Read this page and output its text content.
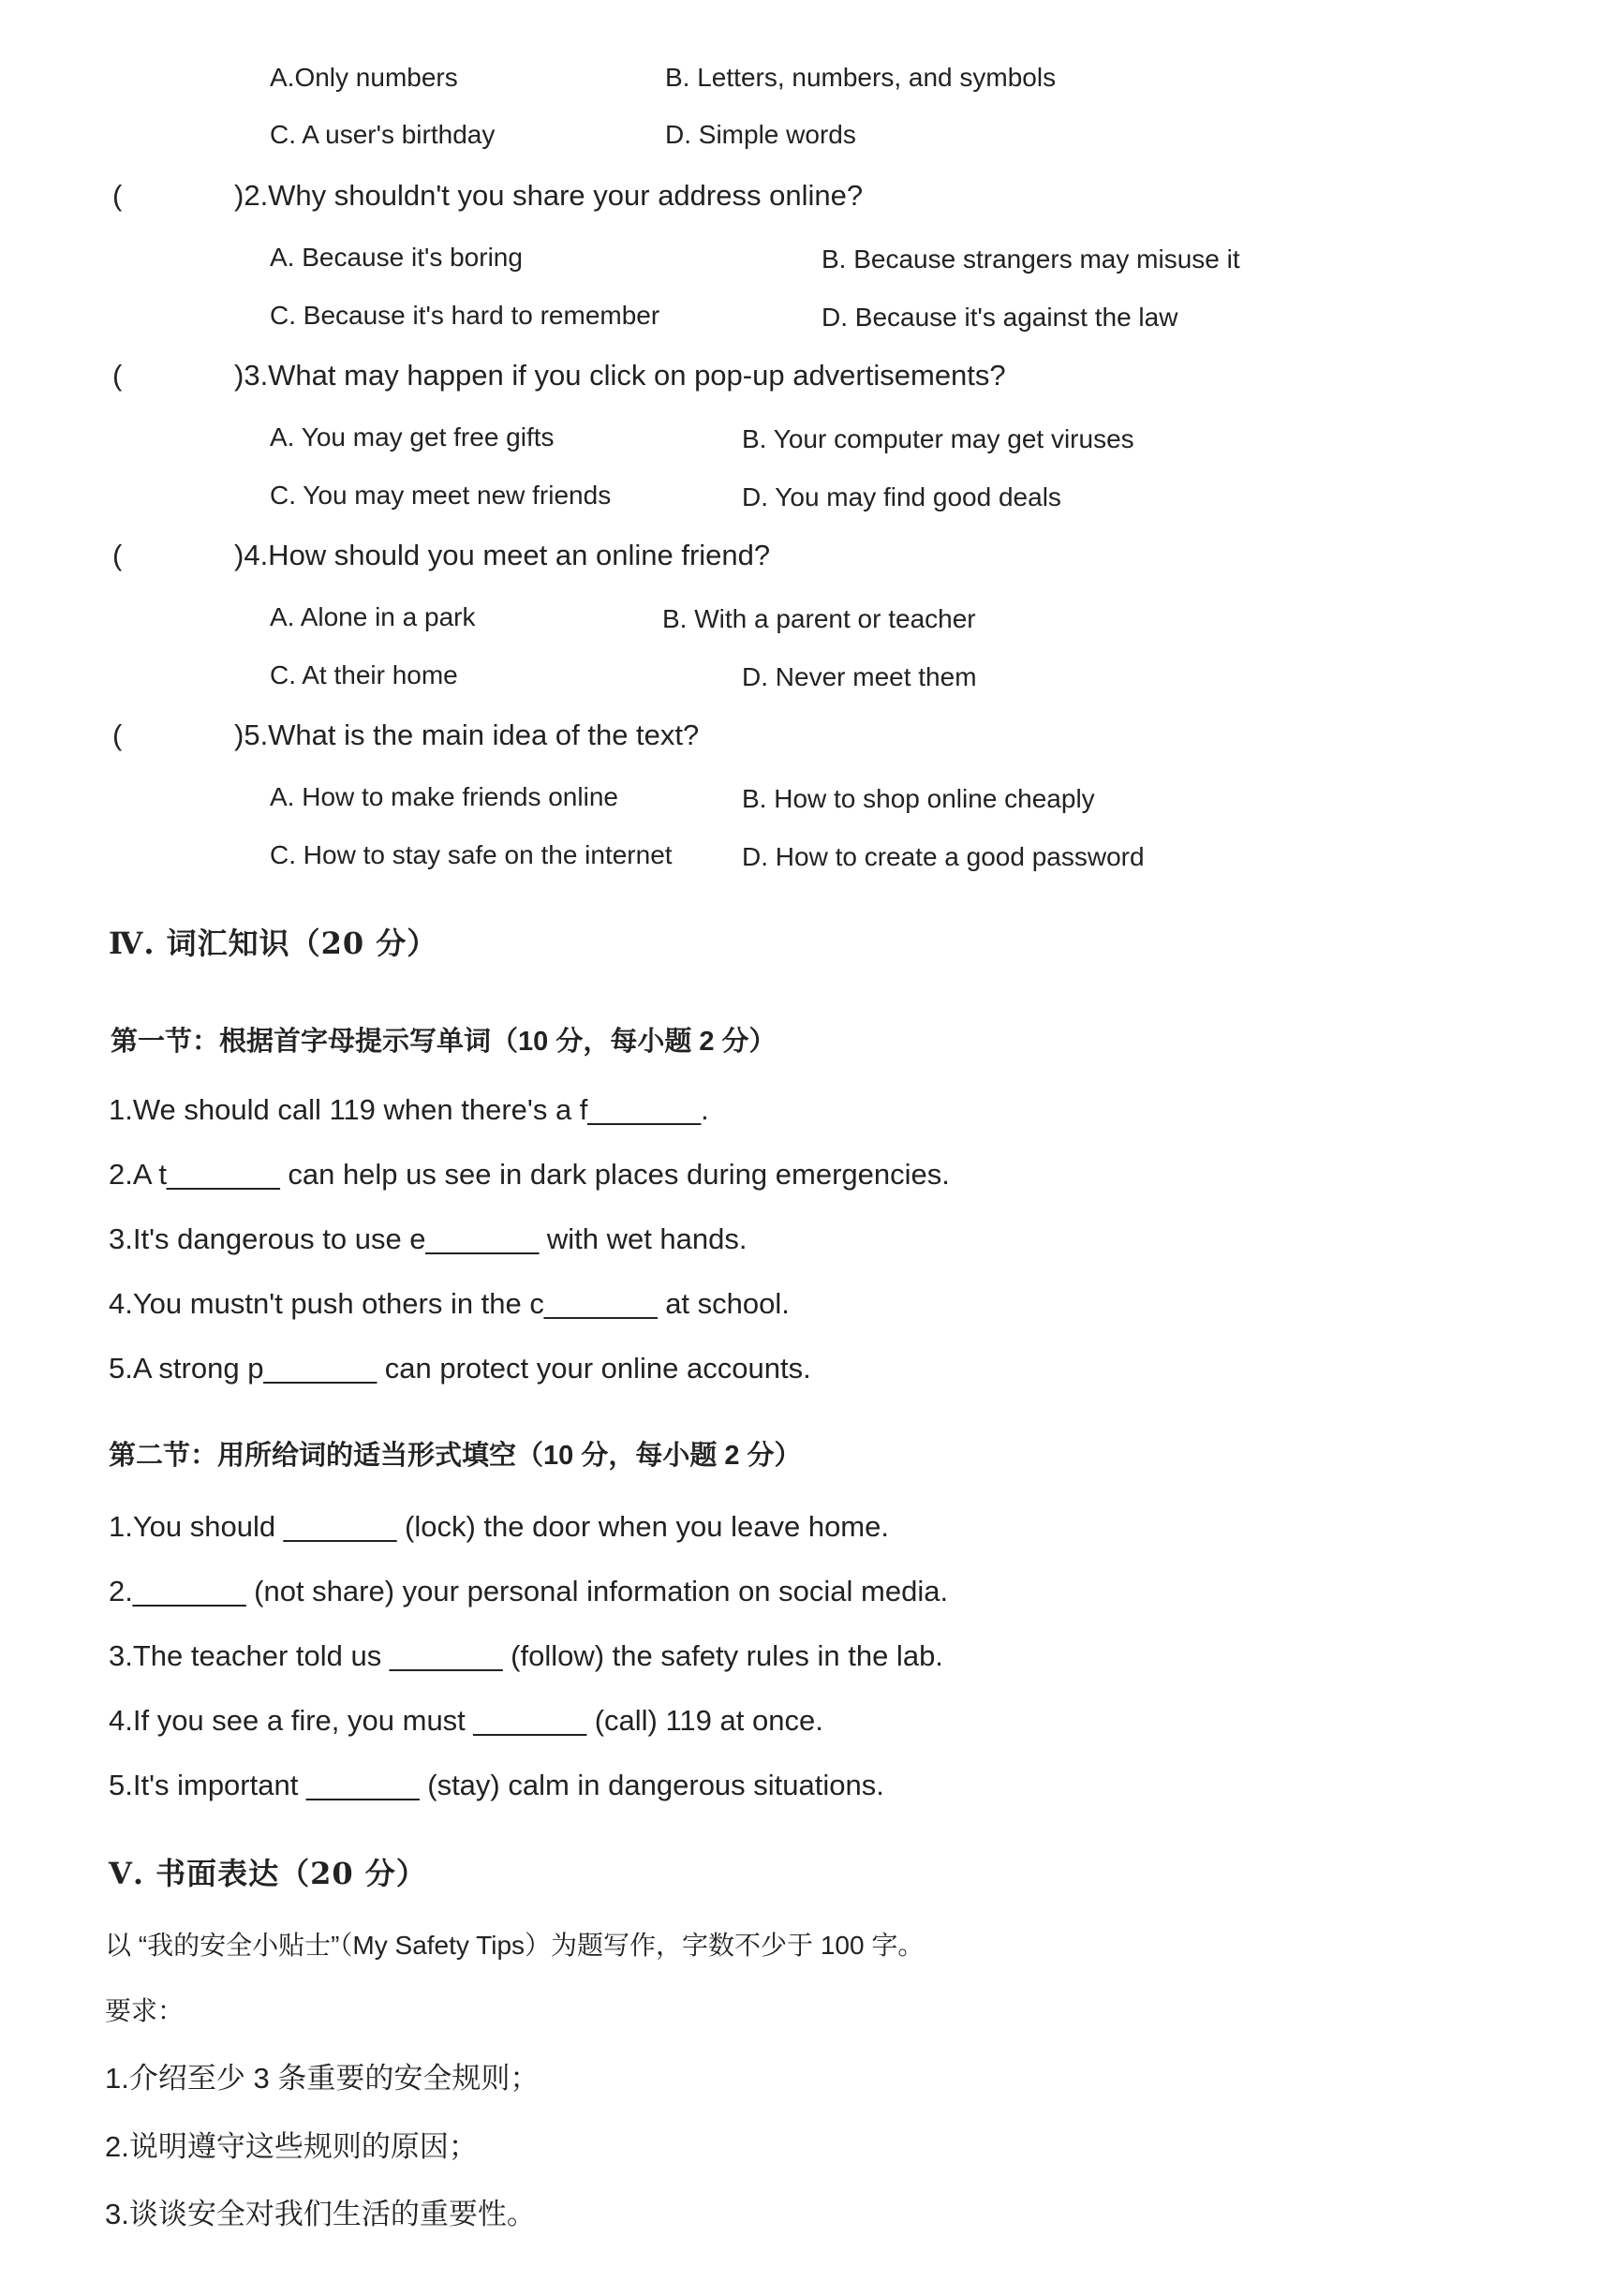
A.Only numbers	B. Letters, numbers, and symbols
C. A user's birthday	D. Simple words
(	)2.Why shouldn't you share your address online?
A. Because it's boring	B. Because strangers may misuse it
C. Because it's hard to remember	D. Because it's against the law
(	)3.What may happen if you click on pop-up advertisements?
A. You may get free gifts	B. Your computer may get viruses
C. You may meet new friends	D. You may find good deals
(	)4.How should you meet an online friend?
A. Alone in a park	B. With a parent or teacher
C. At their home	D. Never meet them
(	)5.What is the main idea of the text?
A. How to make friends online	B. How to shop online cheaply
C. How to stay safe on the internet	D. How to create a good password
Ⅳ. 词汇知识（20 分）
第一节：根据首字母提示写单词（10 分，每小题 2 分）
1.We should call 119 when there's a f_______.
2.A t_______ can help us see in dark places during emergencies.
3.It's dangerous to use e_______ with wet hands.
4.You mustn't push others in the c_______ at school.
5.A strong p_______ can protect your online accounts.
第二节：用所给词的适当形式填空（10 分，每小题 2 分）
1.You should _______ (lock) the door when you leave home.
2._______ (not share) your personal information on social media.
3.The teacher told us _______ (follow) the safety rules in the lab.
4.If you see a fire, you must _______ (call) 119 at once.
5.It's important _______ (stay) calm in dangerous situations.
Ⅴ. 书面表达（20 分）
以 “我的安全小贴士”（My Safety Tips）为题写作，字数不少于 100 字。
要求：
1.介绍至少 3 条重要的安全规则；
2.说明遵守这些规则的原因；
3.谈谈安全对我们生活的重要性。
